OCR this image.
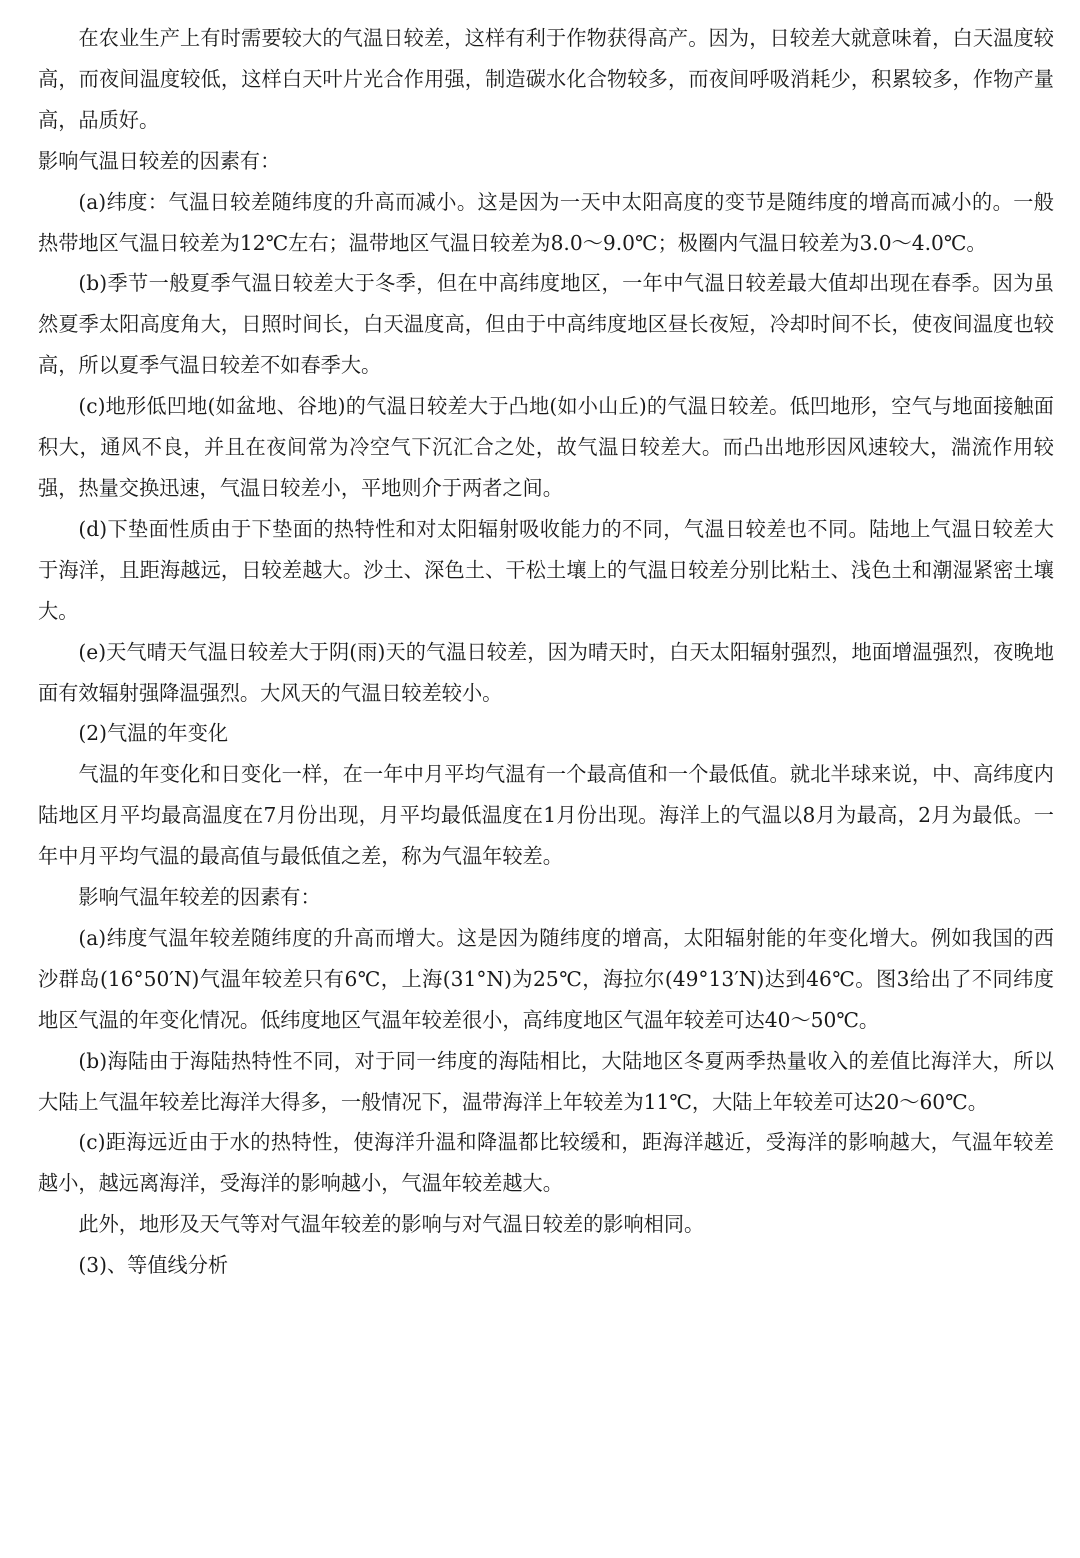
在农业生产上有时需要较大的气温日较差，这样有利于作物获得高产。因为，日较差大就意味着，白天温度较高，而夜间温度较低，这样白天叶片光合作用强，制造碳水化合物较多，而夜间呼吸消耗少，积累较多，作物产量高，品质好。

影响气温日较差的因素有：

(a)纬度：气温日较差随纬度的升高而减小。这是因为一天中太阳高度的变节是随纬度的增高而减小的。一般热带地区气温日较差为12℃左右；温带地区气温日较差为8.0～9.0℃；极圈内气温日较差为3.0～4.0℃。

(b)季节一般夏季气温日较差大于冬季，但在中高纬度地区，一年中气温日较差最大值却出现在春季。因为虽然夏季太阳高度角大，日照时间长，白天温度高，但由于中高纬度地区昼长夜短，冷却时间不长，使夜间温度也较高，所以夏季气温日较差不如春季大。

(c)地形低凹地(如盆地、谷地)的气温日较差大于凸地(如小山丘)的气温日较差。低凹地形，空气与地面接触面积大，通风不良，并且在夜间常为冷空气下沉汇合之处，故气温日较差大。而凸出地形因风速较大，湍流作用较强，热量交换迅速，气温日较差小，平地则介于两者之间。

(d)下垫面性质由于下垫面的热特性和对太阳辐射吸收能力的不同，气温日较差也不同。陆地上气温日较差大于海洋，且距海越远，日较差越大。沙土、深色土、干松土壤上的气温日较差分别比粘土、浅色土和潮湿紧密土壤大。

(e)天气晴天气温日较差大于阴(雨)天的气温日较差，因为晴天时，白天太阳辐射强烈，地面增温强烈，夜晚地面有效辐射强降温强烈。大风天的气温日较差较小。

(2)气温的年变化

气温的年变化和日变化一样，在一年中月平均气温有一个最高值和一个最低值。就北半球来说，中、高纬度内陆地区月平均最高温度在7月份出现，月平均最低温度在1月份出现。海洋上的气温以8月为最高，2月为最低。一年中月平均气温的最高值与最低值之差，称为气温年较差。

影响气温年较差的因素有：

(a)纬度气温年较差随纬度的升高而增大。这是因为随纬度的增高，太阳辐射能的年变化增大。例如我国的西沙群岛(16°50′N)气温年较差只有6℃，上海(31°N)为25℃，海拉尔(49°13′N)达到46℃。图3给出了不同纬度地区气温的年变化情况。低纬度地区气温年较差很小，高纬度地区气温年较差可达40～50℃。

(b)海陆由于海陆热特性不同，对于同一纬度的海陆相比，大陆地区冬夏两季热量收入的差值比海洋大，所以大陆上气温年较差比海洋大得多，一般情况下，温带海洋上年较差为11℃，大陆上年较差可达20～60℃。

(c)距海远近由于水的热特性，使海洋升温和降温都比较缓和，距海洋越近，受海洋的影响越大，气温年较差越小，越远离海洋，受海洋的影响越小，气温年较差越大。

此外，地形及天气等对气温年较差的影响与对气温日较差的影响相同。

(3)、等值线分析
